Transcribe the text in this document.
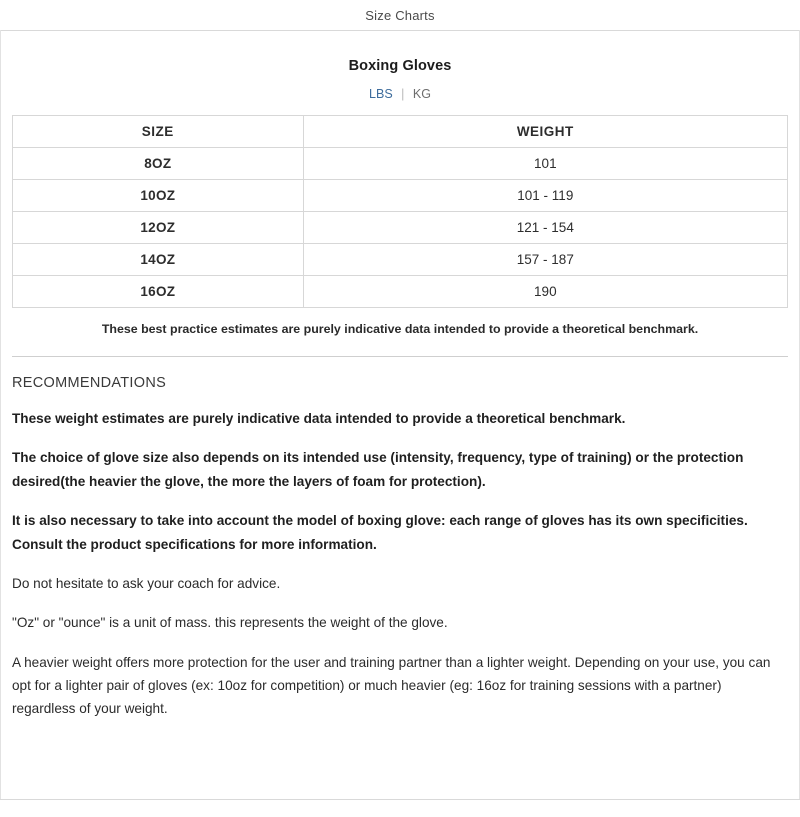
Size Charts
Boxing Gloves
LBS | KG
SIZE	WEIGHT
8OZ	101
10OZ	101 - 119
12OZ	121 - 154
14OZ	157 - 187
16OZ	190
These best practice estimates are purely indicative data intended to provide a theoretical benchmark.
RECOMMENDATIONS

These weight estimates are purely indicative data intended to provide a theoretical benchmark.

The choice of glove size also depends on its intended use (intensity, frequency, type of training) or the protection desired(the heavier the glove, the more the layers of foam for protection).

It is also necessary to take into account the model of boxing glove: each range of gloves has its own specificities. Consult the product specifications for more information.

Do not hesitate to ask your coach for advice.

"Oz" or "ounce" is a unit of mass. this represents the weight of the glove.

A heavier weight offers more protection for the user and training partner than a lighter weight. Depending on your use, you can opt for a lighter pair of gloves (ex: 10oz for competition) or much heavier (eg: 16oz for training sessions with a partner) regardless of your weight.
